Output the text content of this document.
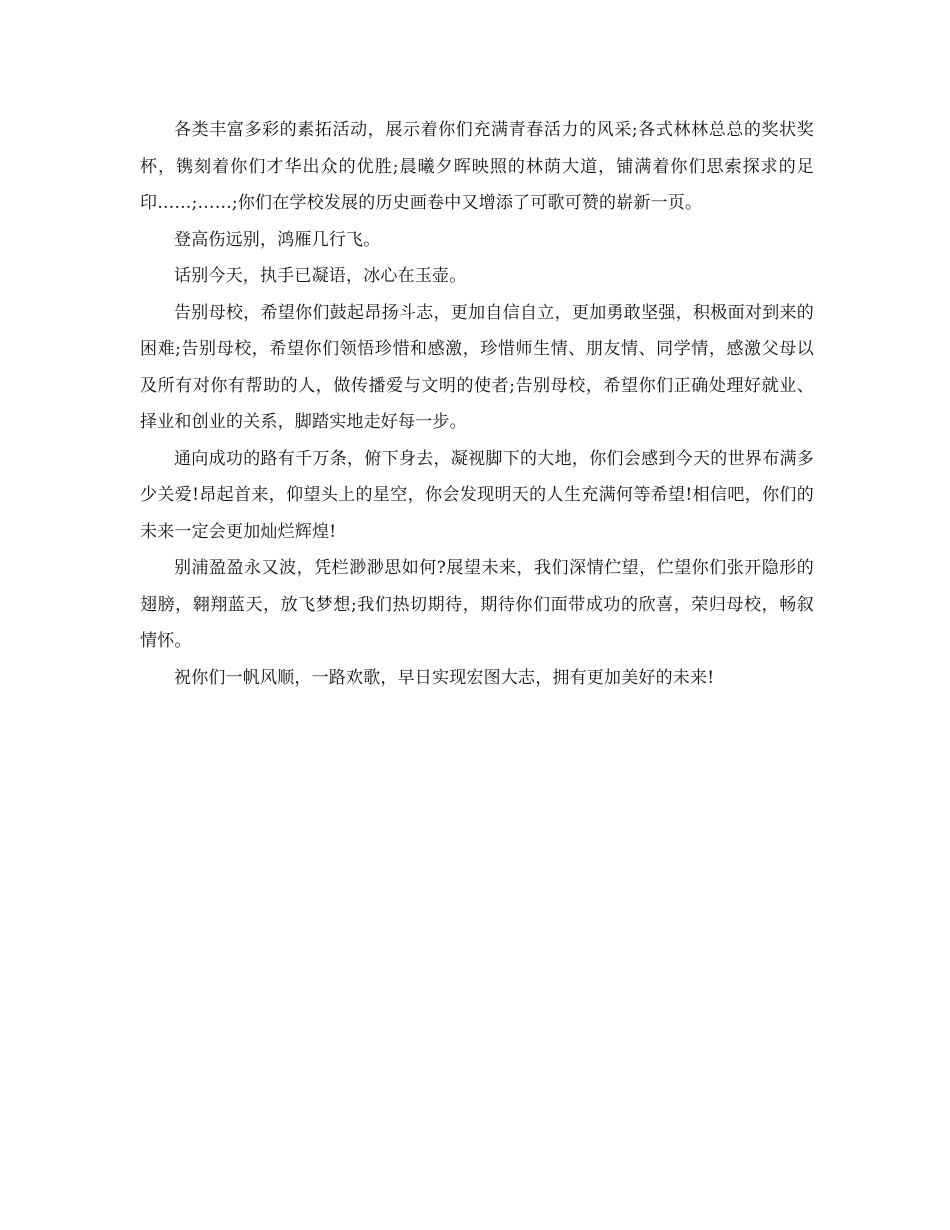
各类丰富多彩的素拓活动，展示着你们充满青春活力的风采;各式林林总总的奖状奖杯，镌刻着你们才华出众的优胜;晨曦夕晖映照的林荫大道，铺满着你们思索探求的足印……;……;你们在学校发展的历史画卷中又增添了可歌可赞的崭新一页。

登高伤远别，鸿雁几行飞。

话别今天，执手已凝语，冰心在玉壶。

告别母校，希望你们鼓起昂扬斗志，更加自信自立，更加勇敢坚强，积极面对到来的困难;告别母校，希望你们领悟珍惜和感激，珍惜师生情、朋友情、同学情，感激父母以及所有对你有帮助的人，做传播爱与文明的使者;告别母校，希望你们正确处理好就业、择业和创业的关系，脚踏实地走好每一步。

通向成功的路有千万条，俯下身去，凝视脚下的大地，你们会感到今天的世界布满多少关爱!昂起首来，仰望头上的星空，你会发现明天的人生充满何等希望!相信吧，你们的未来一定会更加灿烂辉煌!

别浦盈盈永又波，凭栏渺渺思如何?展望未来，我们深情伫望，伫望你们张开隐形的翅膀，翱翔蓝天，放飞梦想;我们热切期待，期待你们面带成功的欣喜，荣归母校，畅叙情怀。

祝你们一帆风顺，一路欢歌，早日实现宏图大志，拥有更加美好的未来!
